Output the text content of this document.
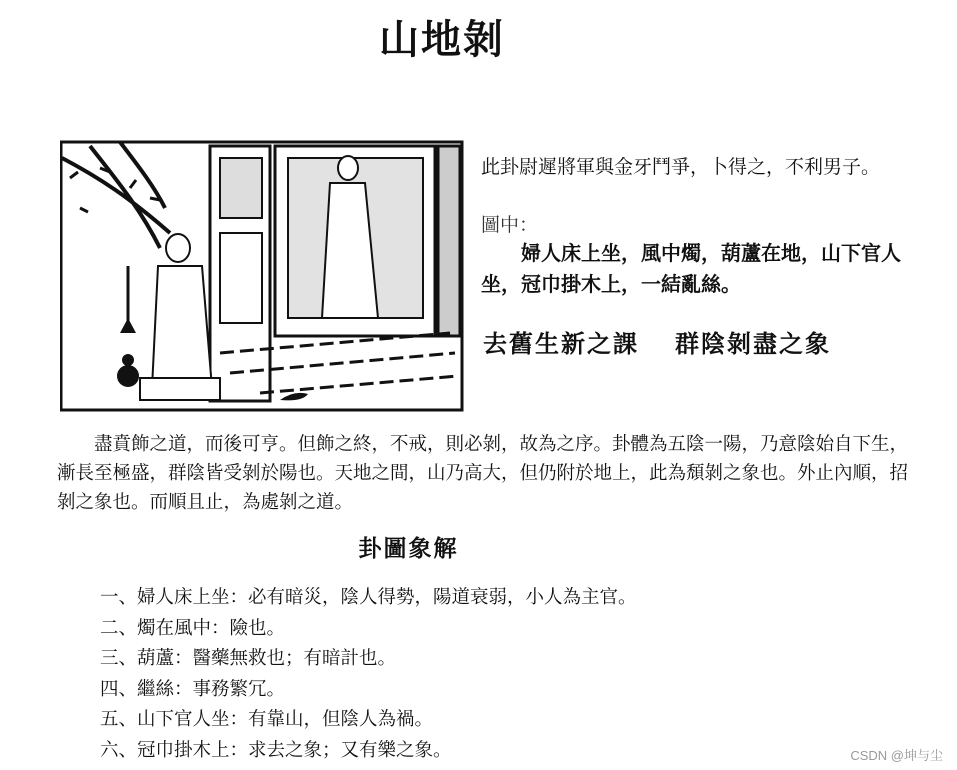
山地剝
此卦尉遲將軍與金牙鬥爭，卜得之，不利男子。
圖中：
婦人床上坐，風中燭，葫蘆在地，山下官人坐，冠巾掛木上，一結亂絲。
去舊生新之課 群陰剝盡之象
盡賁飾之道，而後可亨。但飾之終，不戒，則必剝，故為之序。卦體為五陰一陽，乃意陰始自下生，漸長至極盛，群陰皆受剝於陽也。天地之間，山乃高大，但仍附於地上，此為頹剝之象也。外止內順，招剝之象也。而順且止，為處剝之道。
卦圖象解
一、婦人床上坐：必有暗災，陰人得勢，陽道衰弱，小人為主官。
二、燭在風中：險也。
三、葫蘆：醫藥無救也；有暗計也。
四、繼絲：事務繁冗。
五、山下官人坐：有靠山，但陰人為禍。
六、冠巾掛木上：求去之象；又有樂之象。	CSDN @坤与尘
